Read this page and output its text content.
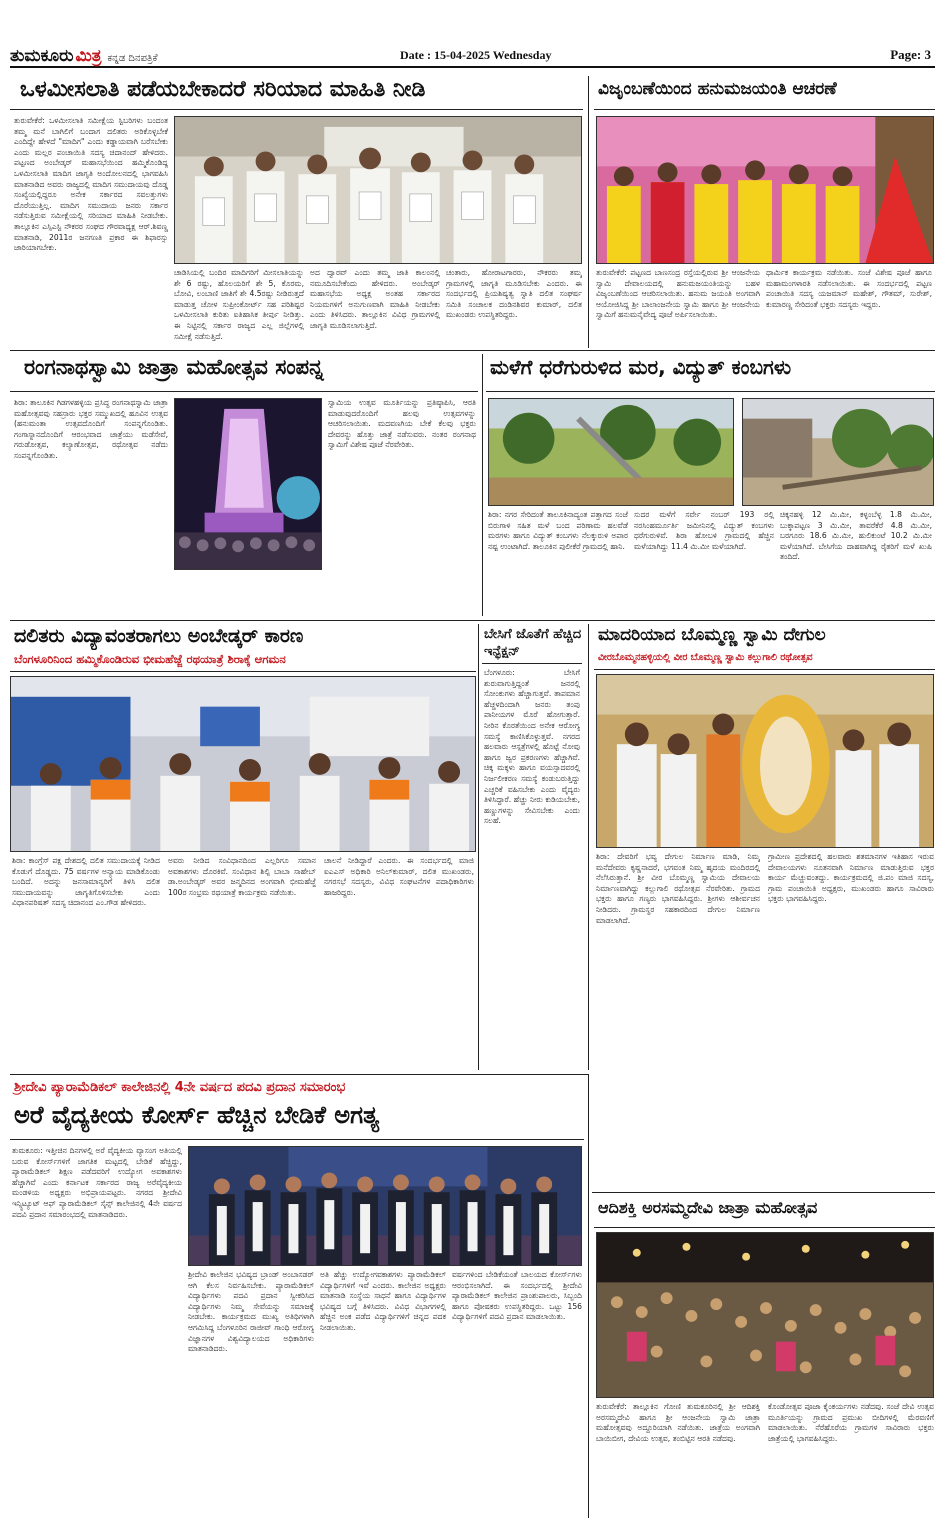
ತುಮಕೂರು ಮಿತ್ರ ಕನ್ನಡ ದಿನಪತ್ರಿಕೆ	Date : 15-04-2025 Wednesday	Page: 3
ಒಳಮೀಸಲಾತಿ ಪಡೆಯಬೇಕಾದರೆ ಸರಿಯಾದ ಮಾಹಿತಿ ನೀಡಿ
ತುರುವೇಕೆರೆ: ಒಳಮೀಸಲಾತಿ ಸಮೀಕ್ಷೆಯ ಸ್ಟಿಬರಿಗಳು ಬಂದಂತ ತಮ್ಮ ಮನೆ ಬಾಗಿಲಿಗೆ ಬಂದಾಗ ದಲಿತರು ಅರಿಕೊಳ್ಳಬೇಕೆ ಎಂದಿದ್ದೇ ಹೇಳದೆ "ಮಾದಿಗ" ಎಂದು ಕಡ್ಡಾಯವಾಗಿ ಬರೆಸಬೇಕು ಎಂದು ಮಲ್ಲರ ಪಂಚಾಯಿತಿ ಸದಸ್ಯ ಚಿದಾನಂದ್ ಹೇಳಿದರು. ಪಟ್ಟಣದ ಅಂಬೇಡ್ಕರ್ ಮಹಾಸಭೆಯಿಂದ ಹಮ್ಮಿಕೊಂಡಿದ್ದ ಒಳಮೀಸಲಾತಿ ಮಾದಿಗ ಜಾಗೃತಿ ಅಂದೋಲನದಲ್ಲಿ ಭಾಗವಹಿಸಿ ಮಾತನಾಡಿದ ಅವರು ರಾಜ್ಯದಲ್ಲಿ ಮಾದಿಗ ಸಮುದಾಯವು ದೊಡ್ಡ ಸಂಖ್ಯೆಯಲ್ಲಿದ್ದರೂ ಅನೇಕ ಸರ್ಕಾರದ ಸವಲತ್ತುಗಳು ದೊರೆಯುತ್ತಿಲ್ಲ. ಮಾದಿಗ ಸಮುದಾಯ ಜನರು ಸರ್ಕಾರ ನಡೆಸುತ್ತಿರುವ ಸಮೀಕ್ಷೆಯಲ್ಲಿ ಸರಿಯಾದ ಮಾಹಿತಿ ನೀಡಬೇಕು. ತಾಲ್ಲೂಕಿನ ಎಸ್ಸಿಎಸ್ಟಿ ನೌಕರರ ಸಂಘದ ಗೌರವಾಧ್ಯಕ್ಷ ಆರ್.ಶಿವಣ್ಣ ಮಾತನಾಡಿ, 2011ರ ಜನಗಣತಿ ಪ್ರಕಾರ ಈ ಶಿಫಾರಸ್ಸು ಜಾರಿಯಾಗಬೇಕು.
ಚಾಡಿಸಿಯಲ್ಲಿ ಬಂದಿರ ಮಾದಿಗರಿಗೆ ಮೀಸಲಾತಿಯನ್ನು ಶೇ 6 ರಷ್ಟು, ಹೊಲಯರಿಗೆ ಶೇ 5, ಕೊರಮ, ಬೋವಿ, ಲಂಬಾಣಿ ಜಾತಿಗೆ ಶೇ 4.5ರಷ್ಟು ನೀಡಿರುತ್ತದೆ ಮಾಡುತ್ತ ಚೋಳ ಸುಪ್ರೀಂಕೋರ್ಟ್ ಸಹ ಪರಿಶಿಷ್ಟರ ಒಳಮೀಸಲಾತಿ ಕುರಿತು ಐತಿಹಾಸಿಕ ತೀರ್ಪು ನೀಡಿತ್ತು. ಈ ನಿಟ್ಟಿನಲ್ಲಿ ಸರ್ಕಾರ ರಾಜ್ಯದ ಎಲ್ಲ ಜಿಲ್ಲೆಗಳಲ್ಲಿ ಸಮೀಕ್ಷೆ ನಡೆಸುತ್ತಿದೆ.
ಅದ ದ್ವಾರವ್ ಎಂದು ತಮ್ಮ ಜಾತಿ ಕಾಲಂನಲ್ಲಿ ನಮೂದಿಸಬೇಕೆಂದು ಹೇಳಿದರು. ಅಂಬೇಡ್ಕರ್ ಮಹಾಸಭೆಯ ಅಧ್ಯಕ್ಷ ಅಂತಹ ಸರ್ಕಾರದ ನಿಯಮಗಳಿಗೆ ಅನುಗುಣವಾಗಿ ಮಾಹಿತಿ ನೀಡಬೇಕು ಎಂದು ತಿಳಿಸಿದರು. ತಾಲ್ಲೂಕಿನ ವಿವಿಧ ಗ್ರಾಮಗಳಲ್ಲಿ ಜಾಗೃತಿ ಮೂಡಿಸಲಾಗುತ್ತಿದೆ.
ಚಂತಾರು, ಹೋರಾಟಗಾರರು, ನೌಕರರು ತಮ್ಮ ಗ್ರಾಮಗಳಲ್ಲಿ ಜಾಗೃತಿ ಮೂಡಿಸಬೇಕು ಎಂದರು. ಈ ಸಂದರ್ಭದಲ್ಲಿ ಪ್ರಿಯಶಿಷ್ಯತ್ವ ಸ್ವಾತಿ ದಲಿತ ಸಂಘರ್ಷ ಸಮಿತಿ ಸಂಚಾಲಕ ದಂಡಿನಶಿವರ ಕುಮಾರ್, ದಲಿತ ಮುಖಂಡರು ಉಪಸ್ಥಿತರಿದ್ದರು.
ವಿಜೃಂಬಣೆಯಿಂದ ಹನುಮಜಯಂತಿ ಆಚರಣೆ
ತುರುವೇಕೆರೆ: ಪಟ್ಟಣದ ಬಾಣಸಂದ್ರ ರಸ್ತೆಯಲ್ಲಿರುವ ಶ್ರೀ ಆಂಜನೇಯ ಸ್ವಾಮಿ ದೇವಾಲಯದಲ್ಲಿ ಹನುಮಜಯಂತಿಯನ್ನು ಬಹಳ ವಿಜೃಂಬಣೆಯಿಂದ ಆಚರಿಸಲಾಯಿತು. ಹನುಮ ಜಯಂತಿ ಅಂಗವಾಗಿ ಆಯೋಜಿಸಿದ್ದ ಶ್ರೀ ಬಾಲಾಂಜನೇಯ ಸ್ವಾಮಿ ಹಾಗೂ ಶ್ರೀ ಆಂಜನೇಯ ಸ್ವಾಮಿಗೆ ಹನುಮನೈವೇದ್ಯ ಪೂಜೆ ಅರ್ಪಿಸಲಾಯಿತು.
ಧಾರ್ಮಿಕ ಕಾರ್ಯಕ್ರಮ ನಡೆಯಿತು. ಸಂಜೆ ವಿಶೇಷ ಪೂಜೆ ಹಾಗೂ ಮಹಾಮಂಗಳಾರತಿ ನಡೆಸಲಾಯಿತು. ಈ ಸಂದರ್ಭದಲ್ಲಿ ಪಟ್ಟಣ ಪಂಚಾಯಿತಿ ಸದಸ್ಯ ಯಜಮಾನ್ ಮಹೇಶ್, ಗೌತಮ್, ಸುರೇಶ್, ಕುಮಾರಣ್ಣ ಸೇರಿದಂತೆ ಭಕ್ತರು ಸದಸ್ಯರು ಇದ್ದರು.
ರಂಗನಾಥಸ್ವಾಮಿ ಜಾತ್ರಾ ಮಹೋತ್ಸವ ಸಂಪನ್ನ
ಶಿರಾ: ತಾಲೂಕಿನ ಗಿಡಗಳಹಳ್ಳಿಯ ಪ್ರಸಿದ್ಧ ರಂಗನಾಥಸ್ವಾಮಿ ಜಾತ್ರಾ ಮಹೋತ್ಸವವು ಸಹಸ್ರಾರು ಭಕ್ತರ ಸಮ್ಮುಖದಲ್ಲಿ ಹೂವಿನ ಉತ್ಸವ (ಹನುಮಂತಾ ಉತ್ಸವದೊಂದಿಗೆ ಸಂಪನ್ನಗೊಂಡಿತು. ಗಂಗಾಸ್ನಾನದೊಂದಿಗೆ ಆರಂಭವಾದ ಜಾತ್ರೆಯು ಮಡೆಸೇವೆ, ಗರುಡೋತ್ಸವ, ಕಲ್ಯಾಣೋತ್ಸವ, ರಥೋತ್ಸವ ನಡೆದು ಸಂಪನ್ನಗೊಂಡಿತು.
ಸ್ವಾಮಿಯ ಉತ್ಸವ ಮೂರ್ತಿಯನ್ನು ಪ್ರತಿಷ್ಠಾಪಿಸಿ, ಆರತಿ ಮಾಡುವುದರೊಂದಿಗೆ ಹಲವು ಉತ್ಸವಗಳನ್ನು ಆಚರಿಸಲಾಯಿತು. ಮದವಣಗಿಯ ಬೇಕೆ ಕೆಲವು ಭಕ್ತರು ದೇವರನ್ನು ಹೊತ್ತು ಜಾತ್ರೆ ನಡೆಸುವರು. ನಂತರ ರಂಗನಾಥ ಸ್ವಾಮಿಗೆ ವಿಶೇಷ ಪೂಜೆ ನೆರವೇರಿತು.
ಮಳೆಗೆ ಧರೆಗುರುಳಿದ ಮರ, ವಿದ್ಯುತ್ ಕಂಬಗಳು
ಶಿರಾ: ನಗರ ಸೇರಿದಂತೆ ತಾಲೂಕಿನಾದ್ಯಂತ ಪತ್ತಾಗದ ಸಂಜೆ ಬಿರುಗಾಳಿ ಸಹಿತ ಮಳೆ ಬಂದ ಪರಿಣಾಮ ಹಲವೆಡೆ ಮರಗಳು ಹಾಗೂ ವಿದ್ಯುತ್ ಕಂಬಗಳು ನೆಲಕ್ಕುರುಳಿ ಅಪಾರ ನಷ್ಟ ಉಂಟಾಗಿದೆ. ತಾಲೂಕಿನ ಪುಲೀಕೆರೆ ಗ್ರಾಮದಲ್ಲಿ ಹಾನಿ.
ಸುದರ ಮಳೆಗೆ ಸರ್ವೇ ನಂಬರ್ 193 ರಲ್ಲಿ ನರಸಿಂಹರ್ಮೂರ್ತಿ ಜಮೀನಿನಲ್ಲಿ ವಿದ್ಯುತ್ ಕಂಬಗಳು ಧರೆಗುರುಳಿವೆ. ಶಿರಾ ಹೋಬಳಿ ಗ್ರಾಮದಲ್ಲಿ ಹೆಚ್ಚಿನ ಮಳೆಯಾಗಿದ್ದು 11.4 ಮಿ.ಮೀ ಮಳೆಯಾಗಿದೆ.
ಚಿಕ್ಕನಹಳ್ಳಿ 12 ಮಿ.ಮೀ, ಕಳ್ಳಂಬೆಳ್ಳ 1.8 ಮಿ.ಮೀ, ಬುಕ್ಕಾಪಟ್ಟಣ 3 ಮಿ.ಮೀ, ತಾವರೆಕೆರೆ 4.8 ಮಿ.ಮೀ, ಬರಗೂರು 18.6 ಮಿ.ಮೀ, ಹುಲಿಕುಂಟೆ 10.2 ಮಿ.ಮೀ ಮಳೆಯಾಗಿದೆ. ಬೇಸಿಗೆಯ ದಾಹವಾಗಿದ್ದ ರೈತರಿಗೆ ಮಳೆ ಖುಷಿ ತಂದಿದೆ.
ದಲಿತರು ವಿದ್ಯಾವಂತರಾಗಲು ಅಂಬೇಡ್ಕರ್ ಕಾರಣ
ಬೆಂಗಳೂರಿನಿಂದ ಹಮ್ಮಿಕೊಂಡಿರುವ ಭೀಮಹೆಜ್ಜೆ ರಥಯಾತ್ರೆ ಶಿರಾಕ್ಕೆ ಆಗಮನ
ಶಿರಾ: ಕಾಂಗ್ರೆಸ್ ಪಕ್ಷ ದೇಶದಲ್ಲಿ ದಲಿತ ಸಮುದಾಯಕ್ಕೆ ನೀಡಿದ ಕೊಡುಗೆ ದೊಡ್ಡದು. 75 ವರ್ಷಗಳ ಅನ್ಯಾಯ ಮಾಡಿಕೊಂಡು ಬಂದಿದೆ. ಅದನ್ನು ಜನಸಾಮಾನ್ಯರಿಗೆ ತಿಳಿಸಿ ದಲಿತ ಸಮುದಾಯವನ್ನು ಜಾಗೃತಿಗೊಳಿಸಬೇಕು ಎಂದು ವಿಧಾನಪರಿಷತ್ ಸದಸ್ಯ ಚಿದಾನಂದ ಎಂ.ಗೌಡ ಹೇಳಿದರು.
ಅವರು ನೀಡಿದ ಸಂವಿಧಾನದಿಂದ ಎಲ್ಲರಿಗೂ ಸಮಾನ ಅವಕಾಶಗಳು ದೊರಕಿವೆ. ಸಂವಿಧಾನ ಶಿಲ್ಪಿ ಬಾಬಾ ಸಾಹೇಬ್ ಡಾ.ಅಂಬೇಡ್ಕರ್ ಅವರ ಜನ್ಮದಿನದ ಅಂಗವಾಗಿ ಭೀಮಹೆಜ್ಜೆ 100ರ ಸಂಭ್ರಮ ರಥಯಾತ್ರೆ ಕಾರ್ಯಕ್ರಮ ನಡೆಯಿತು.
ಚಾಲನೆ ನೀಡಿದ್ದಾರೆ ಎಂದರು. ಈ ಸಂದರ್ಭದಲ್ಲಿ ಮಾಜಿ ಐಎಎಸ್ ಅಧಿಕಾರಿ ಅನಿಲ್‌ಕುಮಾರ್, ದಲಿತ ಮುಖಂಡರು, ನಗರಸಭೆ ಸದಸ್ಯರು, ವಿವಿಧ ಸಂಘಟನೆಗಳ ಪದಾಧಿಕಾರಿಗಳು ಹಾಜರಿದ್ದರು.
ಬೇಸಿಗೆ ಜೊತೆಗೆ ಹೆಚ್ಚಿದ ಇನ್ಫೆಕ್ಷನ್
ಬೆಂಗಳೂರು: ಬೇಸಿಗೆ ಶುರುವಾಗುತ್ತಿದ್ದಂತೆ ಜನರಲ್ಲಿ ಸೋಂಕುಗಳು ಹೆಚ್ಚಾಗುತ್ತವೆ. ತಾಪಮಾನ ಹೆಚ್ಚಳದಿಂದಾಗಿ ಜನರು ತಂಪು ಪಾನೀಯಗಳ ಮೊರೆ ಹೋಗುತ್ತಾರೆ. ನೀರಿನ ಕೊರತೆಯಿಂದ ಅನೇಕ ಆರೋಗ್ಯ ಸಮಸ್ಯೆ ಕಾಣಿಸಿಕೊಳ್ಳುತ್ತವೆ. ನಗರದ ಹಲವಾರು ಆಸ್ಪತ್ರೆಗಳಲ್ಲಿ ಹೊಟ್ಟೆ ನೋವು ಹಾಗೂ ಜ್ವರ ಪ್ರಕರಣಗಳು ಹೆಚ್ಚಾಗಿವೆ. ಚಿಕ್ಕ ಮಕ್ಕಳು ಹಾಗೂ ವಯಸ್ಸಾದವರಲ್ಲಿ ನಿರ್ಜಲೀಕರಣ ಸಮಸ್ಯೆ ಕಂಡುಬರುತ್ತಿದ್ದು ಎಚ್ಚರಿಕೆ ವಹಿಸಬೇಕು ಎಂದು ವೈದ್ಯರು ತಿಳಿಸಿದ್ದಾರೆ. ಹೆಚ್ಚು ನೀರು ಕುಡಿಯಬೇಕು, ಹಣ್ಣುಗಳನ್ನು ಸೇವಿಸಬೇಕು ಎಂದು ಸಲಹೆ.
ಮಾದರಿಯಾದ ಬೊಮ್ಮಣ್ಣ ಸ್ವಾಮಿ ದೇಗುಲ
ವೀರಬೊಮ್ಮನಹಳ್ಳಿಯಲ್ಲಿ ವೀರ ಬೊಮ್ಮಣ್ಣ ಸ್ವಾಮಿ ಕಲ್ಲುಗಾಲಿ ರಥೋತ್ಸವ
ಶಿರಾ: ದೇವರಿಗೆ ಭವ್ಯ ದೇಗುಲ ನಿರ್ಮಾಣ ಮಾಡಿ, ನಿಮ್ಮ ಮನೆದೇವರು ಕೃಷ್ಣನಾದರೆ, ಭಗವಂತ ನಿಮ್ಮ ಹೃದಯ ಮಂದಿರದಲ್ಲಿ ನೆಲೆಸಿರುತ್ತಾನೆ. ಶ್ರೀ ವೀರ ಬೊಮ್ಮಣ್ಣ ಸ್ವಾಮಿಯ ದೇವಾಲಯ ನಿರ್ಮಾಣವಾಗಿದ್ದು ಕಲ್ಲುಗಾಲಿ ರಥೋತ್ಸವ ನೆರವೇರಿತು. ಗ್ರಾಮದ ಭಕ್ತರು ಹಾಗೂ ಗಣ್ಯರು ಭಾಗವಹಿಸಿದ್ದರು. ಶ್ರೀಗಳು ಆಶೀರ್ವಚನ ನೀಡಿದರು. ಗ್ರಾಮಸ್ಥರ ಸಹಕಾರದಿಂದ ದೇಗುಲ ನಿರ್ಮಾಣ ಮಾಡಲಾಗಿದೆ.
ಗ್ರಾಮೀಣ ಪ್ರದೇಶದಲ್ಲಿ ಹಲವಾರು ಶತಮಾನಗಳ ಇತಿಹಾಸ ಇರುವ ದೇವಾಲಯಗಳು ನೂತನವಾಗಿ ನಿರ್ಮಾಣ ಮಾಡುತ್ತಿರುವ ಭಕ್ತರ ಕಾರ್ಯ ಮೆಚ್ಚುವಂತದ್ದು. ಕಾರ್ಯಕ್ರಮದಲ್ಲಿ ಜಿ.ಪಂ ಮಾಜಿ ಸದಸ್ಯ, ಗ್ರಾಮ ಪಂಚಾಯಿತಿ ಅಧ್ಯಕ್ಷರು, ಮುಖಂಡರು ಹಾಗೂ ಸಾವಿರಾರು ಭಕ್ತರು ಭಾಗವಹಿಸಿದ್ದರು.
ಶ್ರೀದೇವಿ ಪ್ಯಾರಾಮೆಡಿಕಲ್ ಕಾಲೇಜಿನಲ್ಲಿ 4ನೇ ವರ್ಷದ ಪದವಿ ಪ್ರದಾನ ಸಮಾರಂಭ
ಅರೆ ವೈದ್ಯಕೀಯ ಕೋರ್ಸ್ ಹೆಚ್ಚಿನ ಬೇಡಿಕೆ ಅಗತ್ಯ
ತುಮಕೂರು: ಇತ್ತೀಚಿನ ದಿನಗಳಲ್ಲಿ ಅರೆ ವೈದ್ಯಕೀಯ ವ್ಯಾಸಂಗ ಅತಿಯಲ್ಲಿ ಬರುವ ಕೋರ್ಸ್‌ಗಳಿಗೆ ಜಾಗತಿಕ ಮಟ್ಟದಲ್ಲಿ ಬೇಡಿಕೆ ಹೆಚ್ಚಿದ್ದು, ಪ್ಯಾರಾಮೆಡಿಕಲ್ ಶಿಕ್ಷಣ ಪಡೆದವರಿಗೆ ಉದ್ಯೋಗ ಅವಕಾಶಗಳು ಹೆಚ್ಚಾಗಿವೆ ಎಂದು ಕರ್ನಾಟಕ ಸರ್ಕಾರದ ರಾಜ್ಯ ಅರೆವೈದ್ಯಕೀಯ ಮಂಡಳಿಯ ಅಧ್ಯಕ್ಷರು ಅಭಿಪ್ರಾಯಪಟ್ಟರು. ನಗರದ ಶ್ರೀದೇವಿ ಇನ್ಸ್ಟಿಟ್ಯೂಟ್ ಆಫ್ ಪ್ಯಾರಾಮೆಡಿಕಲ್ ಸೈನ್ಸ್ ಕಾಲೇಜಿನಲ್ಲಿ 4ನೇ ವರ್ಷದ ಪದವಿ ಪ್ರದಾನ ಸಮಾರಂಭದಲ್ಲಿ ಮಾತನಾಡಿದರು.
ಶ್ರೀದೇವಿ ಕಾಲೇಜಿನ ಭವಿಷ್ಯದ ಬ್ರಾಂಡ್ ಅಂಬಾಸಡರ್ ಆಗಿ ಕೆಲಸ ನಿರ್ವಹಿಸಬೇಕು. ಪ್ಯಾರಾಮೆಡಿಕಲ್ ವಿದ್ಯಾರ್ಥಿಗಳು ಪದವಿ ಪ್ರದಾನ ಸ್ವೀಕರಿಸಿದ ವಿದ್ಯಾರ್ಥಿಗಳು ನಿಮ್ಮ ಸೇವೆಯನ್ನು ಸಮಾಜಕ್ಕೆ ನೀಡಬೇಕು. ಕಾರ್ಯಕ್ರಮದ ಮುಖ್ಯ ಅತಿಥಿಗಳಾಗಿ ಆಗಮಿಸಿದ್ದ ಬೆಂಗಳೂರಿನ ರಾಜೀವ್ ಗಾಂಧಿ ಆರೋಗ್ಯ ವಿಜ್ಞಾನಗಳ ವಿಶ್ವವಿದ್ಯಾಲಯದ ಅಧಿಕಾರಿಗಳು ಮಾತನಾಡಿದರು.
ಅತಿ ಹೆಚ್ಚು ಉದ್ಯೋಗವಕಾಶಗಳು ಪ್ಯಾರಾಮೆಡಿಕಲ್ ವಿದ್ಯಾರ್ಥಿಗಳಿಗೆ ಇವೆ ಎಂದರು. ಕಾಲೇಜಿನ ಅಧ್ಯಕ್ಷರು ಮಾತನಾಡಿ ಸಂಸ್ಥೆಯ ಸಾಧನೆ ಹಾಗೂ ವಿದ್ಯಾರ್ಥಿಗಳ ಭವಿಷ್ಯದ ಬಗ್ಗೆ ತಿಳಿಸಿದರು. ವಿವಿಧ ವಿಭಾಗಗಳಲ್ಲಿ ಹೆಚ್ಚಿನ ಅಂಕ ಪಡೆದ ವಿದ್ಯಾರ್ಥಿಗಳಿಗೆ ಚಿನ್ನದ ಪದಕ ನೀಡಲಾಯಿತು.
ವರ್ಷಗಳಿಂದ ಬೇಡಿಕೆಯಂತೆ ಬಾಲಯದ ಕೋರ್ಸ್‌ಗಳು ಆರಂಭಿಸಲಾಗಿದೆ. ಈ ಸಂದರ್ಭದಲ್ಲಿ ಶ್ರೀದೇವಿ ಪ್ಯಾರಾಮೆಡಿಕಲ್ ಕಾಲೇಜಿನ ಪ್ರಾಂಶುಪಾಲರು, ಸಿಬ್ಬಂದಿ ಹಾಗೂ ಪೋಷಕರು ಉಪಸ್ಥಿತರಿದ್ದರು. ಒಟ್ಟು 156 ವಿದ್ಯಾರ್ಥಿಗಳಿಗೆ ಪದವಿ ಪ್ರದಾನ ಮಾಡಲಾಯಿತು.
ಆದಿಶಕ್ತಿ ಅರಸಮ್ಮದೇವಿ ಜಾತ್ರಾ ಮಹೋತ್ಸವ
ತುರುವೇಕೆರೆ: ತಾಲ್ಲೂಕಿನ ಗೋಣಿ ತುಮಕೂರಿನಲ್ಲಿ ಶ್ರೀ ಆದಿಶಕ್ತಿ ಅರಸಮ್ಮದೇವಿ ಹಾಗೂ ಶ್ರೀ ಆಂಜನೇಯ ಸ್ವಾಮಿ ಜಾತ್ರಾ ಮಹೋತ್ಸವವು ಅದ್ದೂರಿಯಾಗಿ ನಡೆಯಿತು. ಜಾತ್ರೆಯ ಅಂಗವಾಗಿ ಬಾಯಿಬೀಗ, ದೇವಿಯ ಉತ್ಸವ, ತಂಬಿಟ್ಟಿನ ಆರತಿ ನಡೆದವು.
ಕೊಂಡೋತ್ಸವ ಪೂಜಾ ಕೈಂಕರ್ಯಗಳು ನಡೆದವು. ಸಂಜೆ ದೇವಿ ಉತ್ಸವ ಮೂರ್ತಿಯನ್ನು ಗ್ರಾಮದ ಪ್ರಮುಖ ಬೀದಿಗಳಲ್ಲಿ ಮೆರವಣಿಗೆ ಮಾಡಲಾಯಿತು. ನೆರೆಹೊರೆಯ ಗ್ರಾಮಗಳ ಸಾವಿರಾರು ಭಕ್ತರು ಜಾತ್ರೆಯಲ್ಲಿ ಭಾಗವಹಿಸಿದ್ದರು.
